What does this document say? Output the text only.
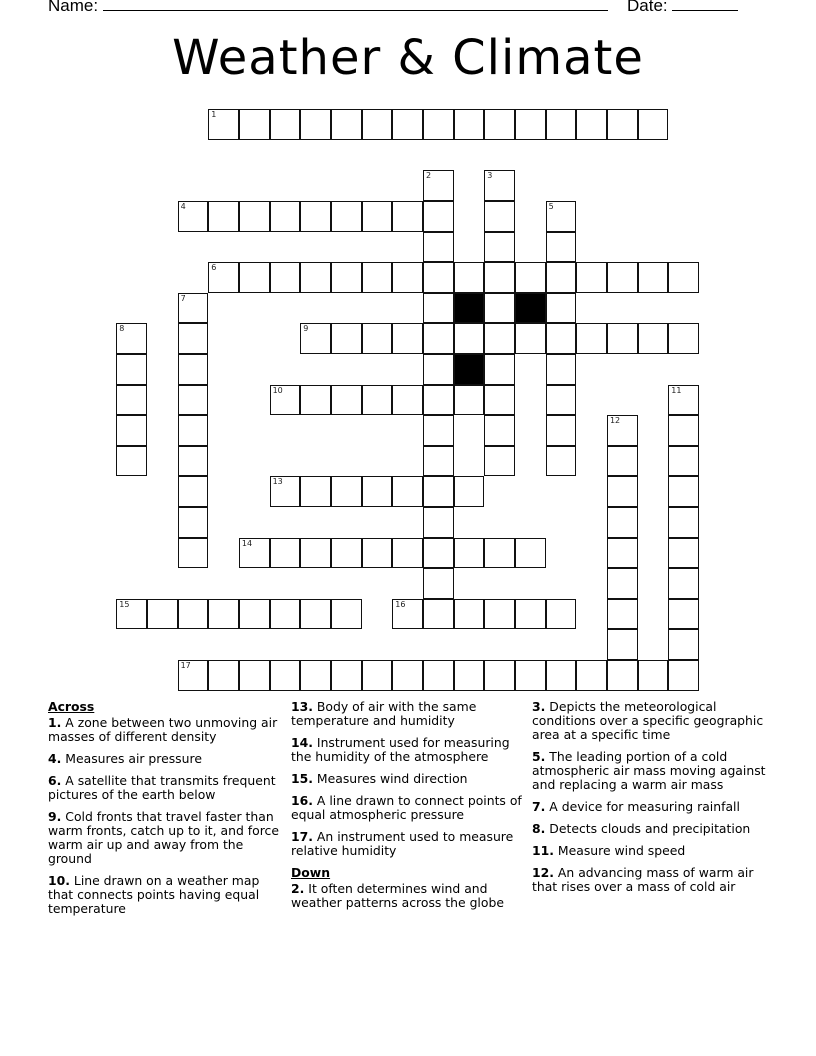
Name:	Date:
Weather & Climate
1
2	3
4	5
6
7
8	9
10	11
12
13
14
15	16
17
Across
1. A zone between two unmoving air masses of different density
4. Measures air pressure
6. A satellite that transmits frequent pictures of the earth below
9. Cold fronts that travel faster than warm fronts, catch up to it, and force warm air up and away from the ground
10. Line drawn on a weather map that connects points having equal temperature
13. Body of air with the same temperature and humidity
14. Instrument used for measuring the humidity of the atmosphere
15. Measures wind direction
16. A line drawn to connect points of equal atmospheric pressure
17. An instrument used to measure relative humidity
Down
2. It often determines wind and weather patterns across the globe
3. Depicts the meteorological conditions over a specific geographic area at a specific time
5. The leading portion of a cold atmospheric air mass moving against and replacing a warm air mass
7. A device for measuring rainfall
8. Detects clouds and precipitation
11. Measure wind speed
12. An advancing mass of warm air that rises over a mass of cold air
